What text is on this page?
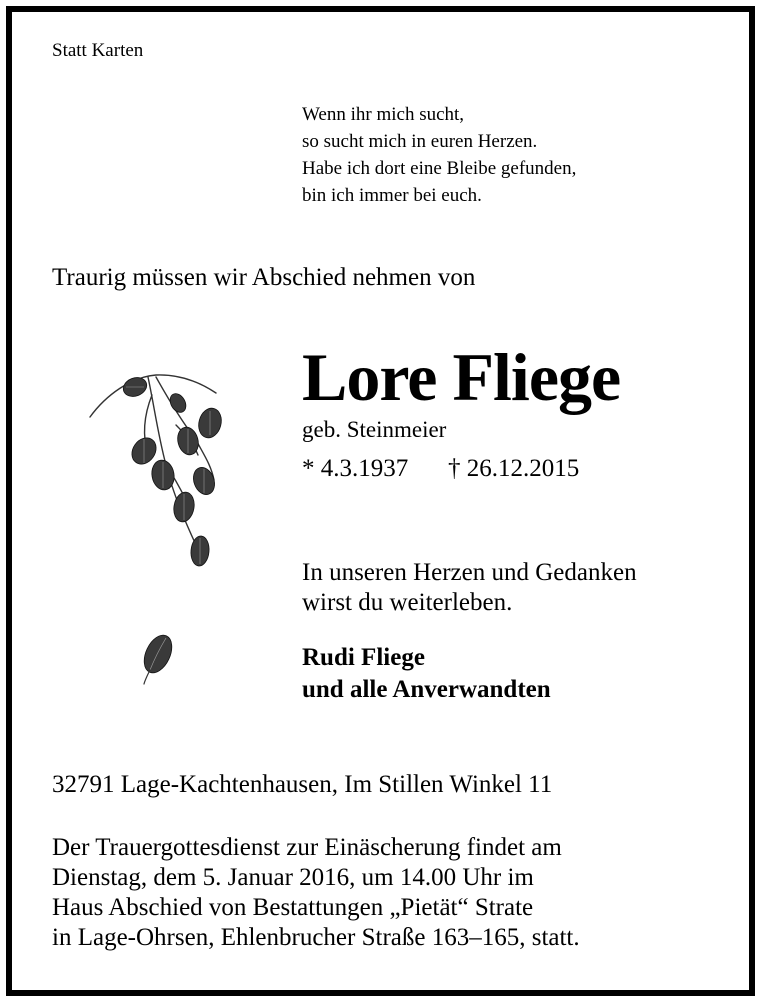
Statt Karten
Wenn ihr mich sucht,
so sucht mich in euren Herzen.
Habe ich dort eine Bleibe gefunden,
bin ich immer bei euch.
Traurig müssen wir Abschied nehmen von
Lore Fliege
geb. Steinmeier
* 4.3.1937 † 26.12.2015
In unseren Herzen und Gedanken
wirst du weiterleben.
Rudi Fliege
und alle Anverwandten
32791 Lage-Kachtenhausen, Im Stillen Winkel 11
Der Trauergottesdienst zur Einäscherung findet am
Dienstag, dem 5. Januar 2016, um 14.00 Uhr im
Haus Abschied von Bestattungen „Pietät“ Strate
in Lage-Ohrsen, Ehlenbrucher Straße 163–165, statt.
